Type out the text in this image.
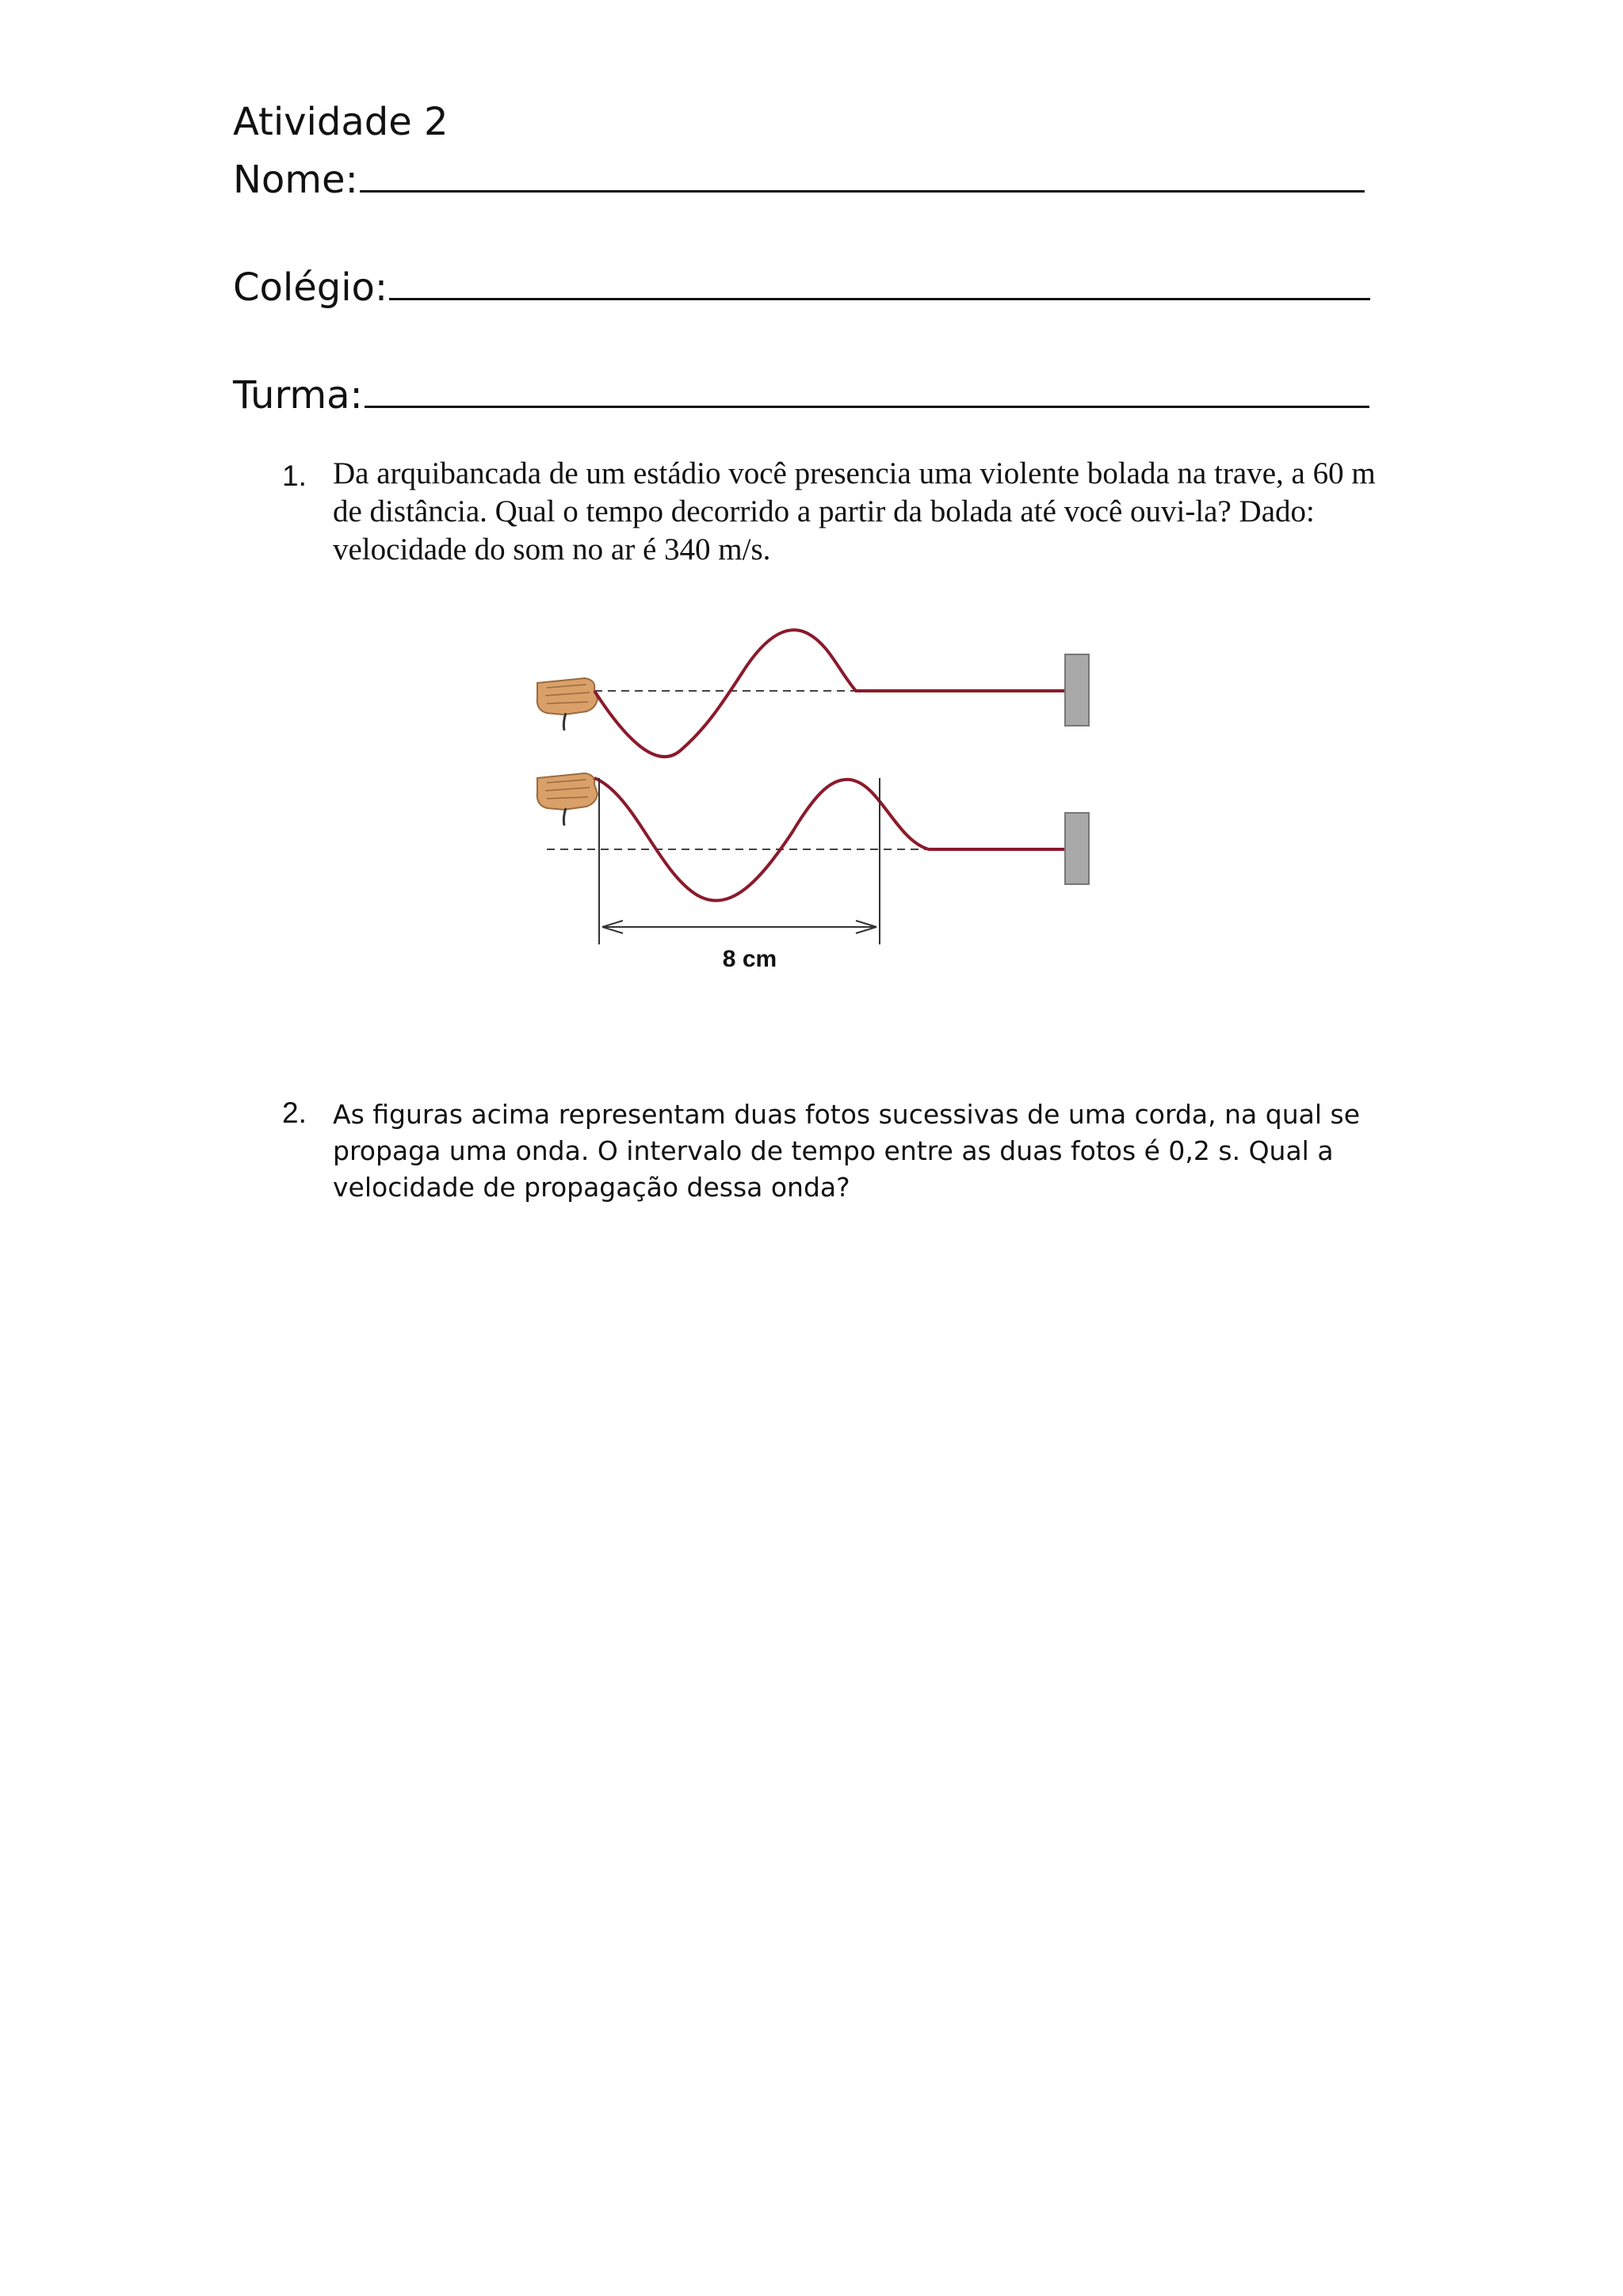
Atividade 2
Nome:
Colégio:
Turma:
1. Da arquibancada de um estádio você presencia uma violente bolada na trave, a 60 m de distância. Qual o tempo decorrido a partir da bolada até você ouvi-la? Dado: velocidade do som no ar é 340 m/s.
8 cm
2. As figuras acima representam duas fotos sucessivas de uma corda, na qual se propaga uma onda. O intervalo de tempo entre as duas fotos é 0,2 s. Qual a velocidade de propagação dessa onda?
